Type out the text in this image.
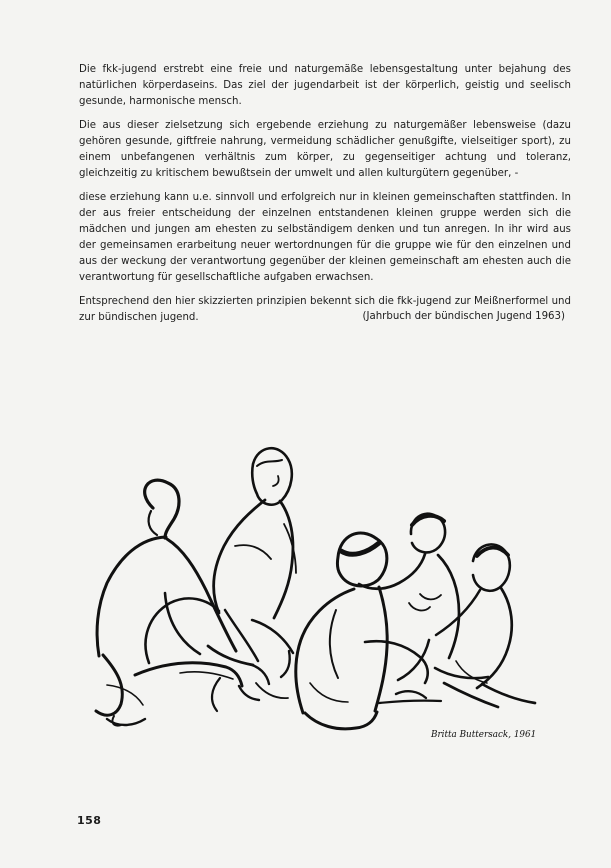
Die fkk-jugend erstrebt eine freie und naturgemäße lebensgestaltung unter bejahung des natürlichen körperdaseins. Das ziel der jugendarbeit ist der körperlich, geistig und seelisch gesunde, harmonische mensch.

Die aus dieser zielsetzung sich ergebende erziehung zu naturgemäßer lebensweise (dazu gehören gesunde, giftfreie nahrung, vermeidung schädlicher genußgifte, vielseitiger sport), zu einem unbefangenen verhältnis zum körper, zu gegenseitiger achtung und toleranz, gleichzeitig zu kritischem bewußtsein der umwelt und allen kulturgütern gegenüber, -

diese erziehung kann u.e. sinnvoll und erfolgreich nur in kleinen gemeinschaften stattfinden. In der aus freier entscheidung der einzelnen entstandenen kleinen gruppe werden sich die mädchen und jungen am ehesten zu selbständigem denken und tun anregen. In ihr wird aus der gemeinsamen erarbeitung neuer wertordnungen für die gruppe wie für den einzelnen und aus der weckung der verantwortung gegenüber der kleinen gemeinschaft am ehesten auch die verantwortung für gesellschaftliche aufgaben erwachsen.

Entsprechend den hier skizzierten prinzipien bekennt sich die fkk-jugend zur Meißnerformel und zur bündischen jugend.	(Jahrbuch der bündischen Jugend 1963)
Britta Buttersack, 1961
158
